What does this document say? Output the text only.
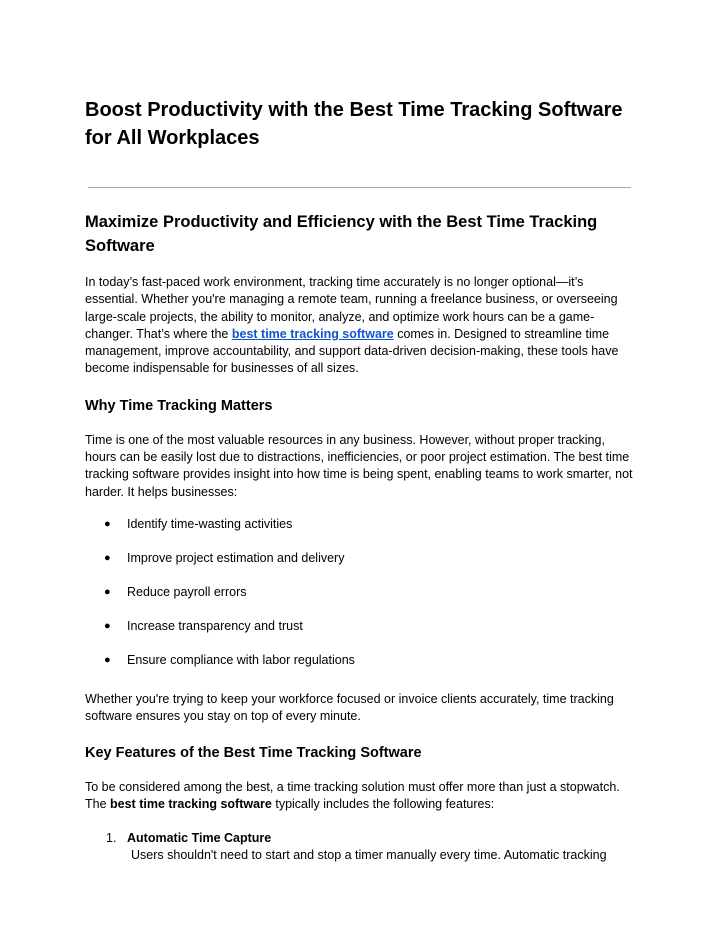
Boost Productivity with the Best Time Tracking Software for All Workplaces
Maximize Productivity and Efficiency with the Best Time Tracking Software

In today’s fast-paced work environment, tracking time accurately is no longer optional—it’s essential. Whether you're managing a remote team, running a freelance business, or overseeing large-scale projects, the ability to monitor, analyze, and optimize work hours can be a game-changer. That’s where the best time tracking software comes in. Designed to streamline time management, improve accountability, and support data-driven decision-making, these tools have become indispensable for businesses of all sizes.

Why Time Tracking Matters

Time is one of the most valuable resources in any business. However, without proper tracking, hours can be easily lost due to distractions, inefficiencies, or poor project estimation. The best time tracking software provides insight into how time is being spent, enabling teams to work smarter, not harder. It helps businesses:

● Identify time-wasting activities
● Improve project estimation and delivery
● Reduce payroll errors
● Increase transparency and trust
● Ensure compliance with labor regulations

Whether you're trying to keep your workforce focused or invoice clients accurately, time tracking software ensures you stay on top of every minute.

Key Features of the Best Time Tracking Software

To be considered among the best, a time tracking solution must offer more than just a stopwatch. The best time tracking software typically includes the following features:

1. Automatic Time Capture
Users shouldn't need to start and stop a timer manually every time. Automatic tracking
